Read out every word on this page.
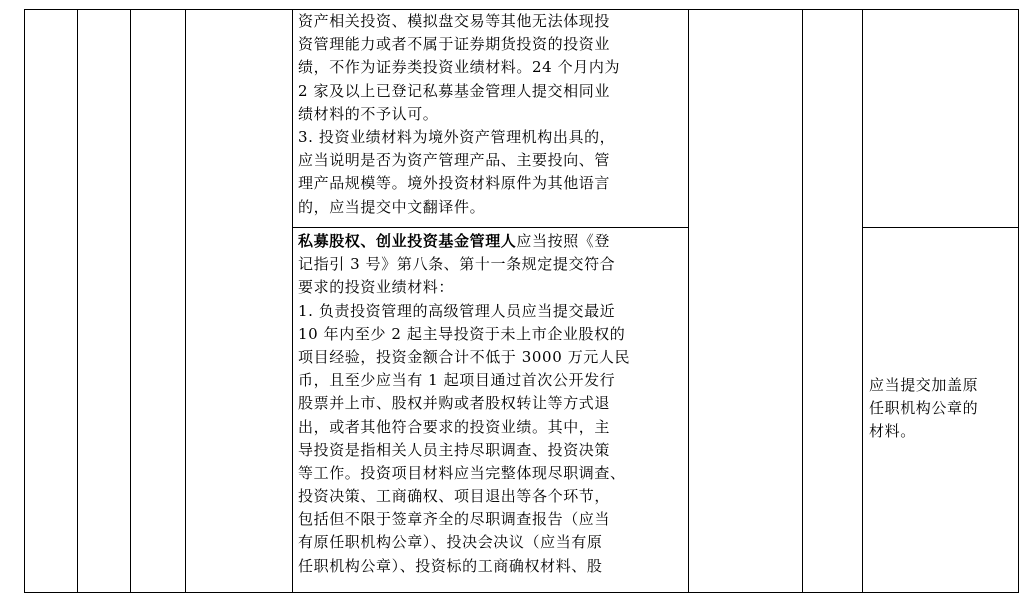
资产相关投资、模拟盘交易等其他无法体现投
资管理能力或者不属于证券期货投资的投资业
绩，不作为证券类投资业绩材料。24 个月内为
2 家及以上已登记私募基金管理人提交相同业
绩材料的不予认可。
3. 投资业绩材料为境外资产管理机构出具的，
应当说明是否为资产管理产品、主要投向、管
理产品规模等。境外投资材料原件为其他语言
的，应当提交中文翻译件。
私募股权、创业投资基金管理人应当按照《登
记指引 3 号》第八条、第十一条规定提交符合
要求的投资业绩材料：
1. 负责投资管理的高级管理人员应当提交最近
10 年内至少 2 起主导投资于未上市企业股权的
项目经验，投资金额合计不低于 3000 万元人民
币，且至少应当有 1 起项目通过首次公开发行
股票并上市、股权并购或者股权转让等方式退
出，或者其他符合要求的投资业绩。其中，主
导投资是指相关人员主持尽职调查、投资决策
等工作。投资项目材料应当完整体现尽职调查、
投资决策、工商确权、项目退出等各个环节，
包括但不限于签章齐全的尽职调查报告（应当
有原任职机构公章）、投决会决议（应当有原
任职机构公章）、投资标的工商确权材料、股
应当提交加盖原
任职机构公章的
材料。
